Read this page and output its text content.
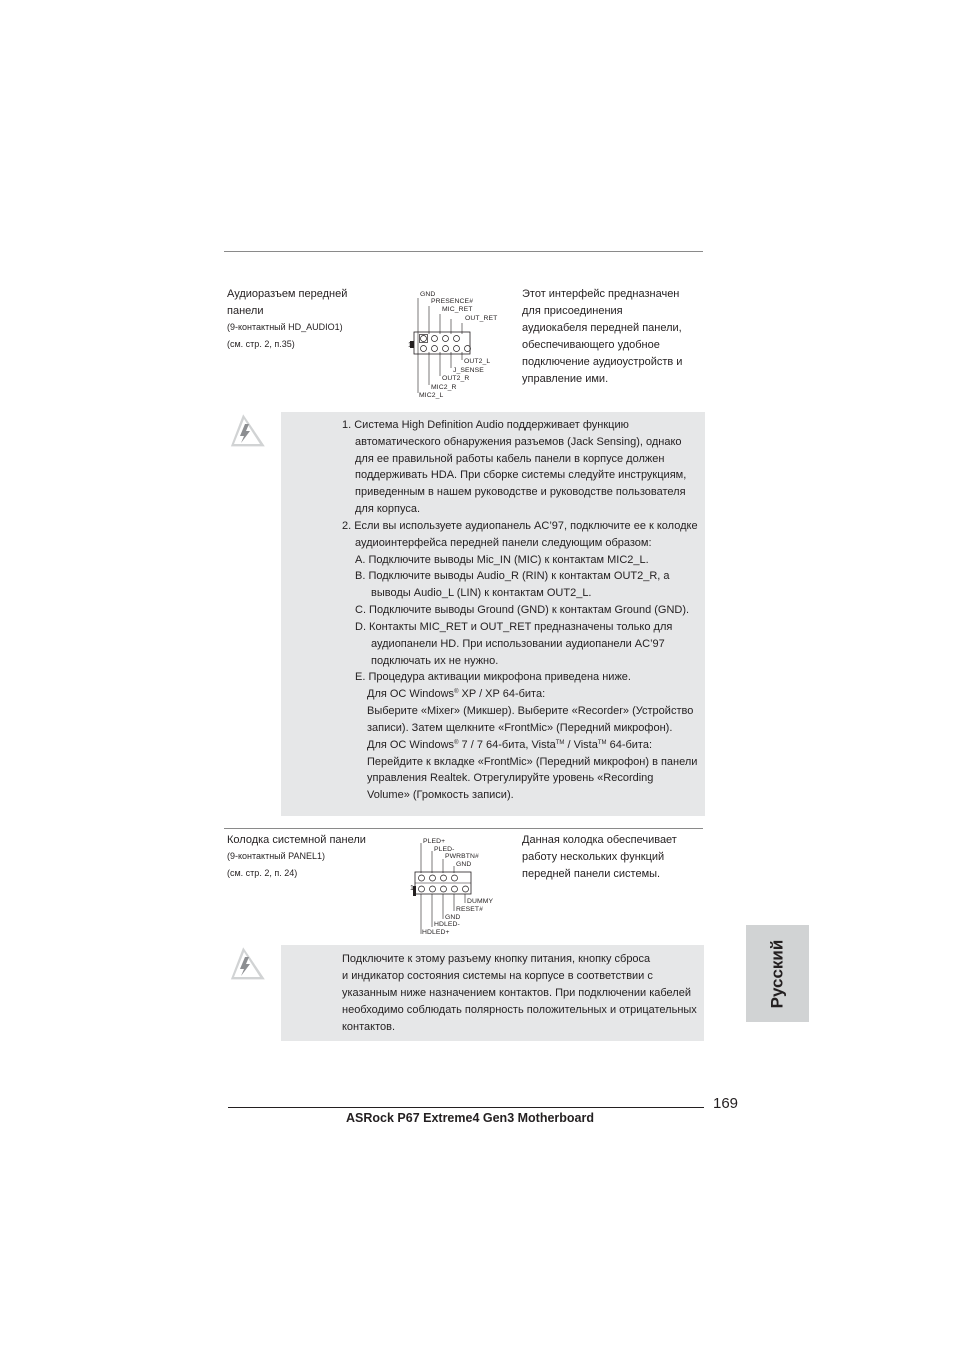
Аудиоразъем передней
панели
(9-контактный HD_AUDIO1)
(см. стр. 2, п.35)
GND
PRESENCE#
MIC_RET
OUT_RET
1
OUT2_L
J_SENSE
OUT2_R
MIC2_R
MIC2_L
Этот интерфейс предназначен
для присоединения
аудиокабеля передней панели,
обеспечивающего удобное
подключение аудиоустройств и
управление ими.
1. Система High Definition Audio поддерживает функцию
автоматического обнаружения разъемов (Jack Sensing), однако
для ее правильной работы кабель панели в корпусе должен
поддерживать HDA. При сборке системы следуйте инструкциям,
приведенным в нашем руководстве и руководстве пользователя
для корпуса.
2. Если вы используете аудиопанель AC’97, подключите ее к колодке
аудиоинтерфейса передней панели следующим образом:
A. Подключите выводы Mic_IN (MIC) к контактам MIC2_L.
B. Подключите выводы Audio_R (RIN) к контактам OUT2_R, а
выводы Audio_L (LIN) к контактам OUT2_L.
C. Подключите выводы Ground (GND) к контактам Ground (GND).
D. Контакты MIC_RET и OUT_RET предназначены только для
аудиопанели HD. При использовании аудиопанели AC’97
подключать их не нужно.
E. Процедура активации микрофона приведена ниже.
Для ОС Windows® XP / XP 64-бита:
Выберите «Mixer» (Микшер). Выберите «Recorder» (Устройство
записи). Затем щелкните «FrontMic» (Передний микрофон).
Для ОС Windows® 7 / 7 64-бита, Vista™ / Vista™ 64-бита:
Перейдите к вкладке «FrontMic» (Передний микрофон) в панели
управления Realtek. Отрегулируйте уровень «Recording
Volume» (Громкость записи).
Колодка системной панели
(9-контактный PANEL1)
(см. стр. 2, п. 24)
PLED+
PLED-
PWRBTN#
GND
1
DUMMY
RESET#
GND
HDLED-
HDLED+
Данная колодка обеспечивает
работу нескольких функций
передней панели системы.
Подключите к этому разъему кнопку питания, кнопку сброса
и индикатор состояния системы на корпусе в соответствии с
указанным ниже назначением контактов. При подключении кабелей
необходимо соблюдать полярность положительных и отрицательных
контактов.
Русский
169
ASRock P67 Extreme4 Gen3 Motherboard
